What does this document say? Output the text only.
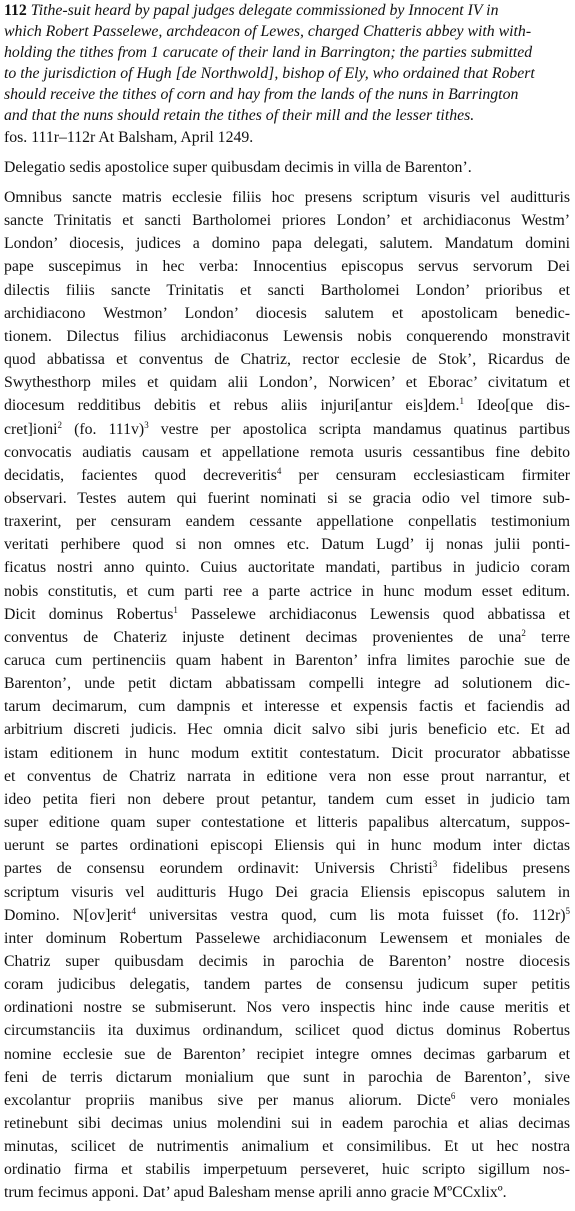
112 Tithe-suit heard by papal judges delegate commissioned by Innocent IV in
which Robert Passelewe, archdeacon of Lewes, charged Chatteris abbey with with-
holding the tithes from 1 carucate of their land in Barrington; the parties submitted
to the jurisdiction of Hugh [de Northwold], bishop of Ely, who ordained that Robert
should receive the tithes of corn and hay from the lands of the nuns in Barrington
and that the nuns should retain the tithes of their mill and the lesser tithes.
fos. 111r–112r At Balsham, April 1249.
Delegatio sedis apostolice super quibusdam decimis in villa de Barenton’.
Omnibus sancte matris ecclesie filiis hoc presens scriptum visuris vel auditturis
sancte Trinitatis et sancti Bartholomei priores London’ et archidiaconus Westm’
London’ diocesis, judices a domino papa delegati, salutem. Mandatum domini
pape suscepimus in hec verba: Innocentius episcopus servus servorum Dei
dilectis filiis sancte Trinitatis et sancti Bartholomei London’ prioribus et
archidiacono Westmon’ London’ diocesis salutem et apostolicam benedic-
tionem. Dilectus filius archidiaconus Lewensis nobis conquerendo monstravit
quod abbatissa et conventus de Chatriz, rector ecclesie de Stok’, Ricardus de
Swythesthorp miles et quidam alii London’, Norwicen’ et Eborac’ civitatum et
diocesum redditibus debitis et rebus aliis injuri[antur eis]dem.$^1$ Ideo[que dis-
cret]ioni$^2$ (fo. 111v)$^3$ vestre per apostolica scripta mandamus quatinus partibus
convocatis audiatis causam et appellatione remota usuris cessantibus fine debito
decidatis, facientes quod decreveritis$^4$ per censuram ecclesiasticam firmiter
observari. Testes autem qui fuerint nominati si se gracia odio vel timore sub-
traxerint, per censuram eandem cessante appellatione conpellatis testimonium
veritati perhibere quod si non omnes etc. Datum Lugd’ ij nonas julii ponti-
ficatus nostri anno quinto. Cuius auctoritate mandati, partibus in judicio coram
nobis constitutis, et cum parti ree a parte actrice in hunc modum esset editum.
Dicit dominus Robertus$^1$ Passelewe archidiaconus Lewensis quod abbatissa et
conventus de Chateriz injuste detinent decimas provenientes de una$^2$ terre
caruca cum pertinenciis quam habent in Barenton’ infra limites parochie sue de
Barenton’, unde petit dictam abbatissam compelli integre ad solutionem dic-
tarum decimarum, cum dampnis et interesse et expensis factis et faciendis ad
arbitrium discreti judicis. Hec omnia dicit salvo sibi juris beneficio etc. Et ad
istam editionem in hunc modum extitit contestatum. Dicit procurator abbatisse
et conventus de Chatriz narrata in editione vera non esse prout narrantur, et
ideo petita fieri non debere prout petantur, tandem cum esset in judicio tam
super editione quam super contestatione et litteris papalibus altercatum, suppos-
uerunt se partes ordinationi episcopi Eliensis qui in hunc modum inter dictas
partes de consensu eorundem ordinavit: Universis Christi$^3$ fidelibus presens
scriptum visuris vel auditturis Hugo Dei gracia Eliensis episcopus salutem in
Domino. N[ov]erit$^4$ universitas vestra quod, cum lis mota fuisset (fo. 112r)$^5$
inter dominum Robertum Passelewe archidiaconum Lewensem et moniales de
Chatriz super quibusdam decimis in parochia de Barenton’ nostre diocesis
coram judicibus delegatis, tandem partes de consensu judicum super petitis
ordinationi nostre se submiserunt. Nos vero inspectis hinc inde cause meritis et
circumstanciis ita duximus ordinandum, scilicet quod dictus dominus Robertus
nomine ecclesie sue de Barenton’ recipiet integre omnes decimas garbarum et
feni de terris dictarum monialium que sunt in parochia de Barenton’, sive
excolantur propriis manibus sive per manus aliorum. Dicte$^6$ vero moniales
retinebunt sibi decimas unius molendini sui in eadem parochia et alias decimas
minutas, scilicet de nutrimentis animalium et consimilibus. Et ut hec nostra
ordinatio firma et stabilis imperpetuum perseveret, huic scripto sigillum nos-
trum fecimus apponi. Dat’ apud Balesham mense aprili anno gracie MºCCxlixº.
